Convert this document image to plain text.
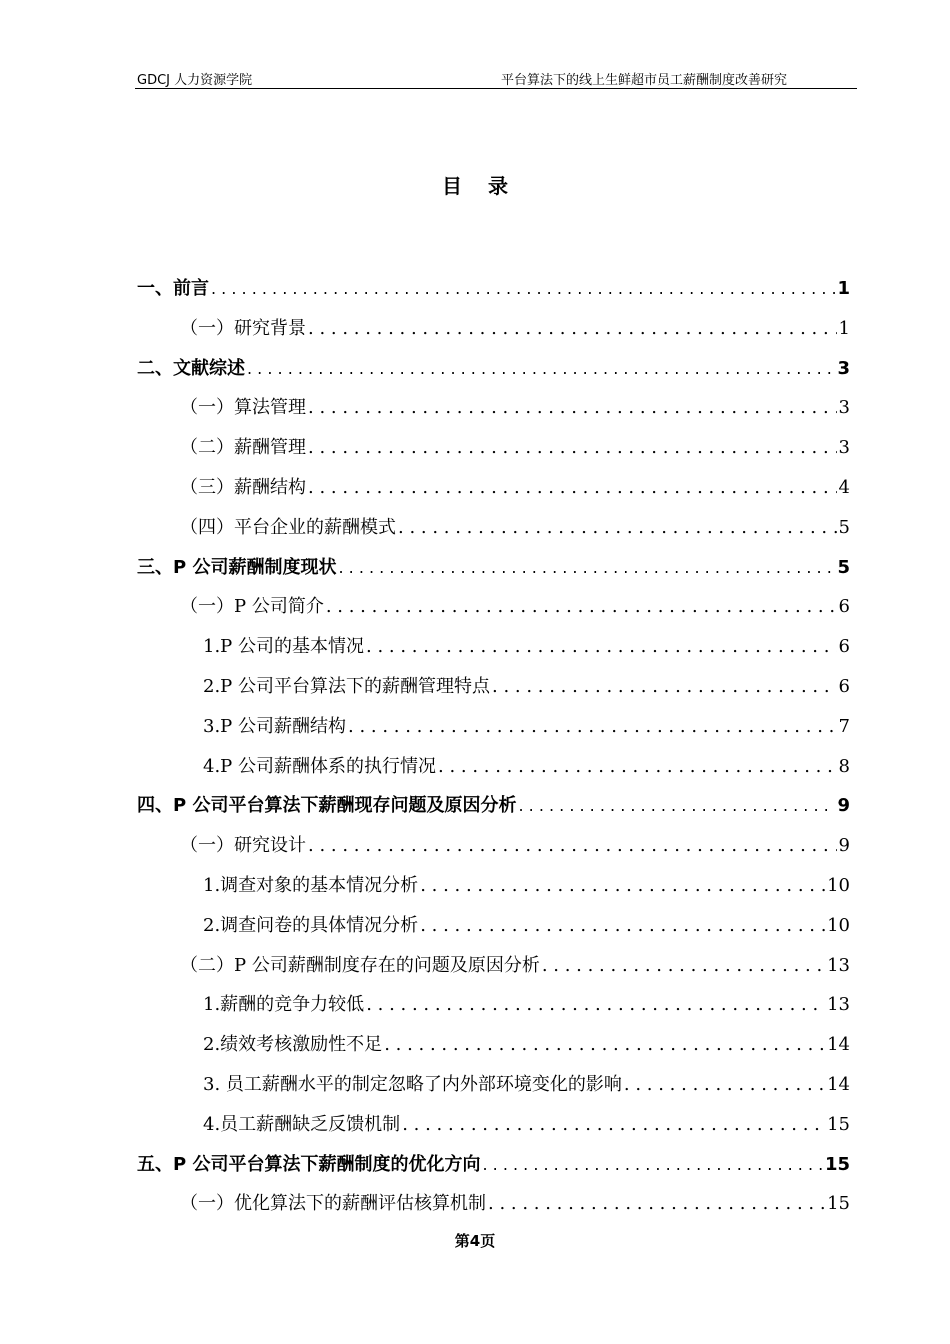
GDCJ 人力资源学院	平台算法下的线上生鲜超市员工薪酬制度改善研究
目录
一、前言 . . .	1
（一）研究背景 . . .	1
二、文献综述 . . .	3
（一）算法管理 . . .	3
（二）薪酬管理 . . .	3
（三）薪酬结构 . . .	4
（四）平台企业的薪酬模式 . . .	5
三、P 公司薪酬制度现状 . . .	5
（一）P 公司简介 . . .	6
1.P 公司的基本情况 . . .	6
2.P 公司平台算法下的薪酬管理特点 . . .	6
3.P 公司薪酬结构 . . .	7
4.P 公司薪酬体系的执行情况 . . .	8
四、P 公司平台算法下薪酬现存问题及原因分析 . . .	9
（一）研究设计 . . .	9
1.调查对象的基本情况分析 . . .	10
2.调查问卷的具体情况分析 . . .	10
（二）P 公司薪酬制度存在的问题及原因分析 . . .	13
1.薪酬的竞争力较低 . . .	13
2.绩效考核激励性不足 . . .	14
3. 员工薪酬水平的制定忽略了内外部环境变化的影响 . . .	14
4.员工薪酬缺乏反馈机制 . . .	15
五、P 公司平台算法下薪酬制度的优化方向 . . .	15
（一）优化算法下的薪酬评估核算机制 . . .	15
第4页
